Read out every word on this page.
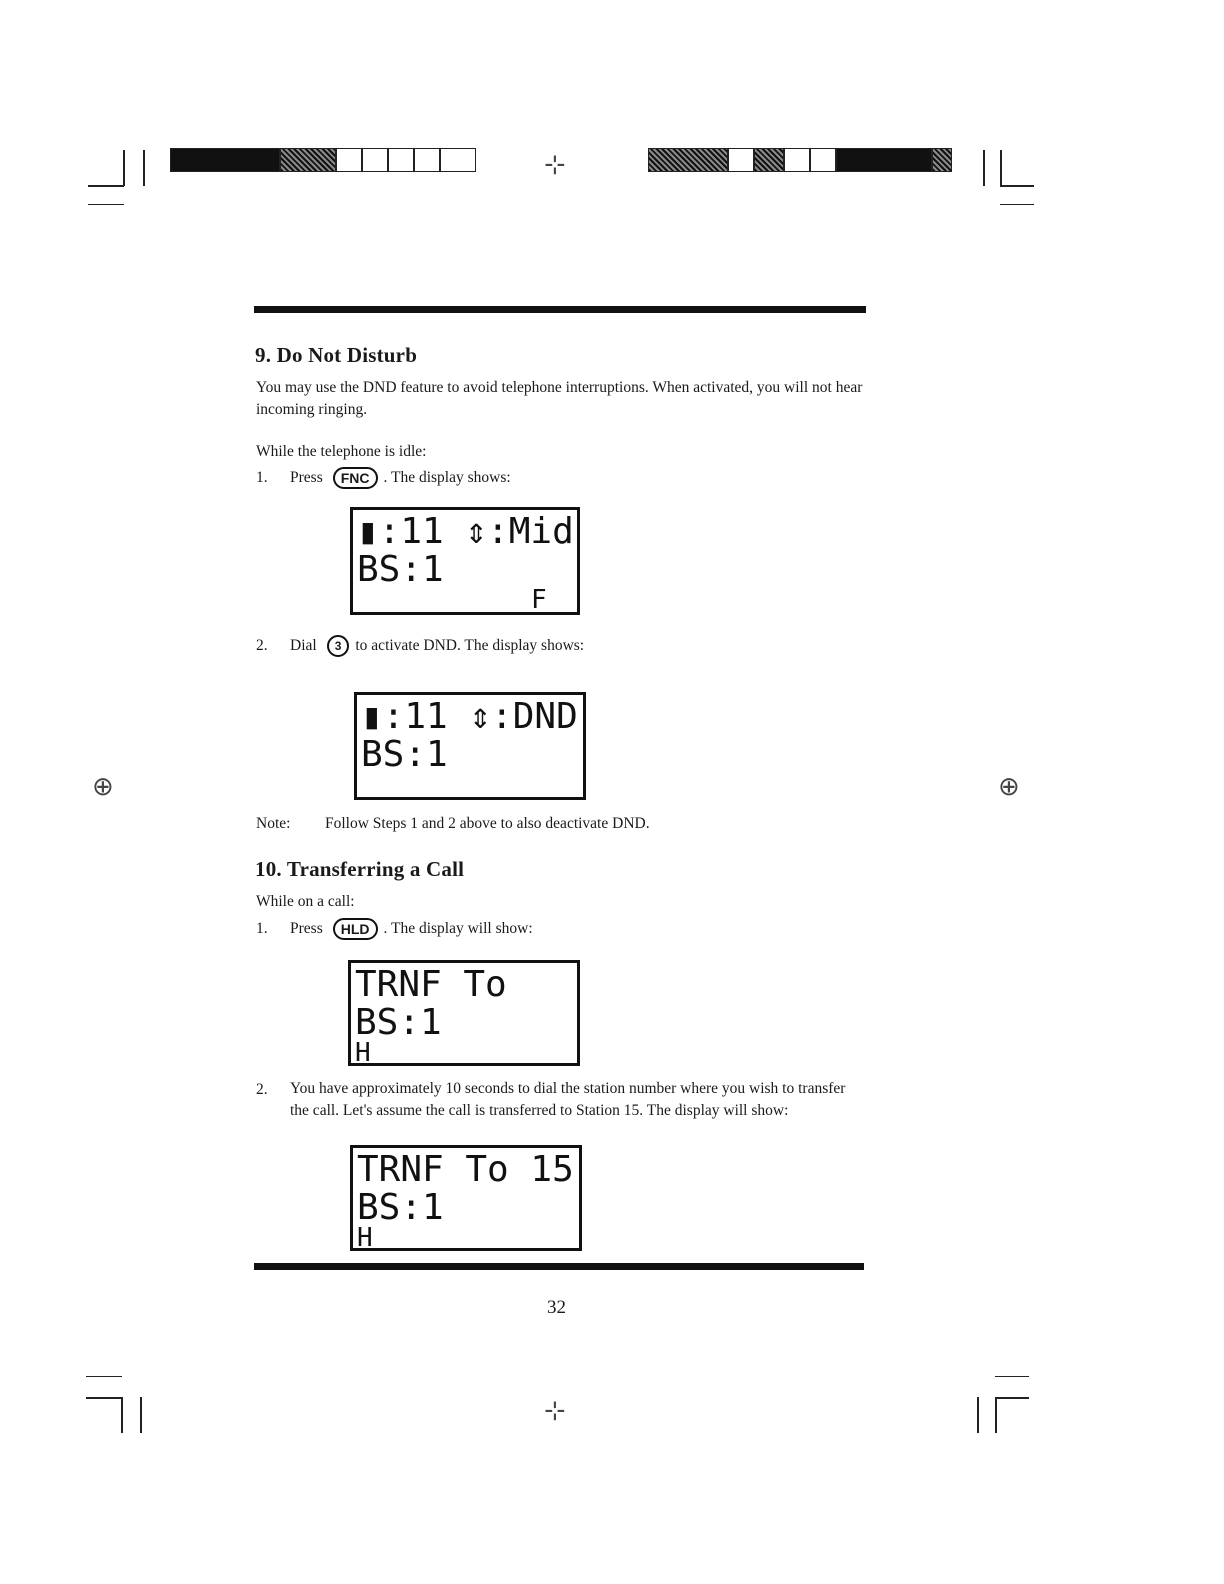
⊹
⊕	⊕
⊹
9. Do Not Disturb
You may use the DND feature to avoid telephone interruptions. When activated, you will not hear incoming ringing.
While the telephone is idle:
1. Press FNC . The display shows:
▮:11 ⇕:Mid
BS:1
F
2. Dial 3 to activate DND. The display shows:
▮:11 ⇕:DND
BS:1
Note: Follow Steps 1 and 2 above to also deactivate DND.
10. Transferring a Call
While on a call:
1. Press HLD . The display will show:
TRNF To
BS:1
H
2. You have approximately 10 seconds to dial the station number where you wish to transfer the call. Let's assume the call is transferred to Station 15. The display will show:
TRNF To 15
BS:1
H
32
